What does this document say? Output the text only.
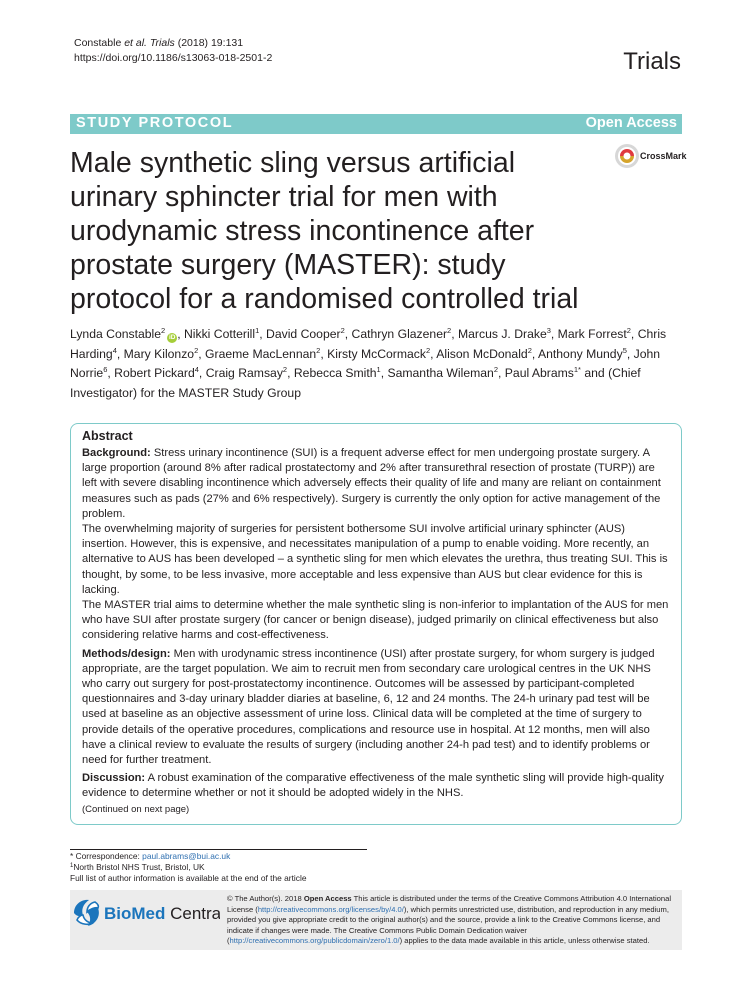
Constable et al. Trials (2018) 19:131
https://doi.org/10.1186/s13063-018-2501-2	Trials
STUDY PROTOCOL	Open Access
Male synthetic sling versus artificial urinary sphincter trial for men with urodynamic stress incontinence after prostate surgery (MASTER): study protocol for a randomised controlled trial
CrossMark
Lynda Constable$^2$iD , Nikki Cotterill$^1$, David Cooper$^2$, Cathryn Glazener$^2$, Marcus J. Drake$^3$, Mark Forrest$^2$, Chris Harding$^4$, Mary Kilonzo$^2$, Graeme MacLennan$^2$, Kirsty McCormack$^2$, Alison McDonald$^2$, Anthony Mundy$^5$, John Norrie$^6$, Robert Pickard$^4$, Craig Ramsay$^2$, Rebecca Smith$^1$, Samantha Wileman$^2$, Paul Abrams$^{1*}$ and (Chief Investigator) for the MASTER Study Group
Abstract

Background: Stress urinary incontinence (SUI) is a frequent adverse effect for men undergoing prostate surgery. A large proportion (around 8% after radical prostatectomy and 2% after transurethral resection of prostate (TURP)) are left with severe disabling incontinence which adversely effects their quality of life and many are reliant on containment measures such as pads (27% and 6% respectively). Surgery is currently the only option for active management of the problem.

The overwhelming majority of surgeries for persistent bothersome SUI involve artificial urinary sphincter (AUS) insertion. However, this is expensive, and necessitates manipulation of a pump to enable voiding. More recently, an alternative to AUS has been developed – a synthetic sling for men which elevates the urethra, thus treating SUI. This is thought, by some, to be less invasive, more acceptable and less expensive than AUS but clear evidence for this is lacking.

The MASTER trial aims to determine whether the male synthetic sling is non-inferior to implantation of the AUS for men who have SUI after prostate surgery (for cancer or benign disease), judged primarily on clinical effectiveness but also considering relative harms and cost-effectiveness.

Methods/design: Men with urodynamic stress incontinence (USI) after prostate surgery, for whom surgery is judged appropriate, are the target population. We aim to recruit men from secondary care urological centres in the UK NHS who carry out surgery for post-prostatectomy incontinence. Outcomes will be assessed by participant-completed questionnaires and 3-day urinary bladder diaries at baseline, 6, 12 and 24 months. The 24-h urinary pad test will be used at baseline as an objective assessment of urine loss. Clinical data will be completed at the time of surgery to provide details of the operative procedures, complications and resource use in hospital. At 12 months, men will also have a clinical review to evaluate the results of surgery (including another 24-h pad test) and to identify problems or need for further treatment.

Discussion: A robust examination of the comparative effectiveness of the male synthetic sling will provide high-quality evidence to determine whether or not it should be adopted widely in the NHS.

(Continued on next page)
* Correspondence: paul.abrams@bui.ac.uk
$^1$North Bristol NHS Trust, Bristol, UK
Full list of author information is available at the end of the article
BioMed Central
© The Author(s). 2018 Open Access This article is distributed under the terms of the Creative Commons Attribution 4.0 International License (http://creativecommons.org/licenses/by/4.0/), which permits unrestricted use, distribution, and reproduction in any medium, provided you give appropriate credit to the original author(s) and the source, provide a link to the Creative Commons license, and indicate if changes were made. The Creative Commons Public Domain Dedication waiver (http://creativecommons.org/publicdomain/zero/1.0/) applies to the data made available in this article, unless otherwise stated.
